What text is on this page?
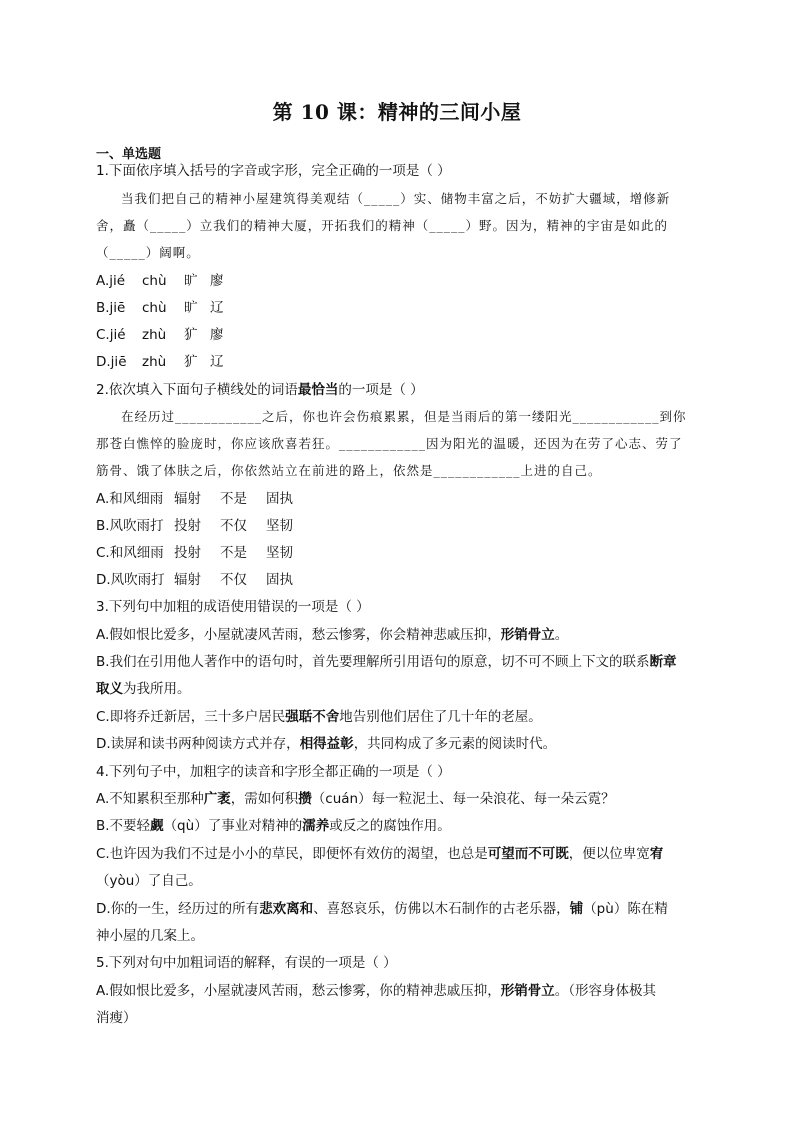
第 10 课：精神的三间小屋
一、单选题
1.下面依序填入括号的字音或字形，完全正确的一项是（ ）
当我们把自己的精神小屋建筑得美观结（_____）实、储物丰富之后，不妨扩大疆域，增修新
舍，矗（_____）立我们的精神大厦，开拓我们的精神（_____）野。因为，精神的宇宙是如此的
（_____）阔啊。
A.jié chù 旷 廖
B.jiē chù 旷 辽
C.jié zhù 犷 廖
D.jiē zhù 犷 辽
2.依次填入下面句子横线处的词语最恰当的一项是（ ）
在经历过____________之后，你也许会伤痕累累，但是当雨后的第一缕阳光____________到你
那苍白憔悴的脸庞时，你应该欣喜若狂。____________因为阳光的温暖，还因为在劳了心志、劳了
筋骨、饿了体肤之后，你依然站立在前进的路上，依然是____________上进的自己。
A.和风细雨 辐射 不是 固执
B.风吹雨打 投射 不仅 坚韧
C.和风细雨 投射 不是 坚韧
D.风吹雨打 辐射 不仅 固执
3.下列句中加粗的成语使用错误的一项是（ ）
A.假如恨比爱多，小屋就凄风苦雨，愁云惨雾，你会精神悲戚压抑，形销骨立。
B.我们在引用他人著作中的语句时，首先要理解所引用语句的原意，切不可不顾上下文的联系断章
取义为我所用。
C.即将乔迁新居，三十多户居民强聒不舍地告别他们居住了几十年的老屋。
D.读屏和读书两种阅读方式并存，相得益彰，共同构成了多元素的阅读时代。
4.下列句子中，加粗字的读音和字形全都正确的一项是（ ）
A.不知累积至那种广袤，需如何积攒（cuán）每一粒泥土、每一朵浪花、每一朵云霓？
B.不要轻觑（qù）了事业对精神的濡养或反之的腐蚀作用。
C.也许因为我们不过是小小的草民，即便怀有效仿的渴望，也总是可望而不可既，便以位卑宽宥
（yòu）了自己。
D.你的一生，经历过的所有悲欢离和、喜怒哀乐，仿佛以木石制作的古老乐器，铺（pù）陈在精
神小屋的几案上。
5.下列对句中加粗词语的解释，有误的一项是（ ）
A.假如恨比爱多，小屋就凄风苦雨，愁云惨雾，你的精神悲戚压抑，形销骨立。（形容身体极其
消瘦）
